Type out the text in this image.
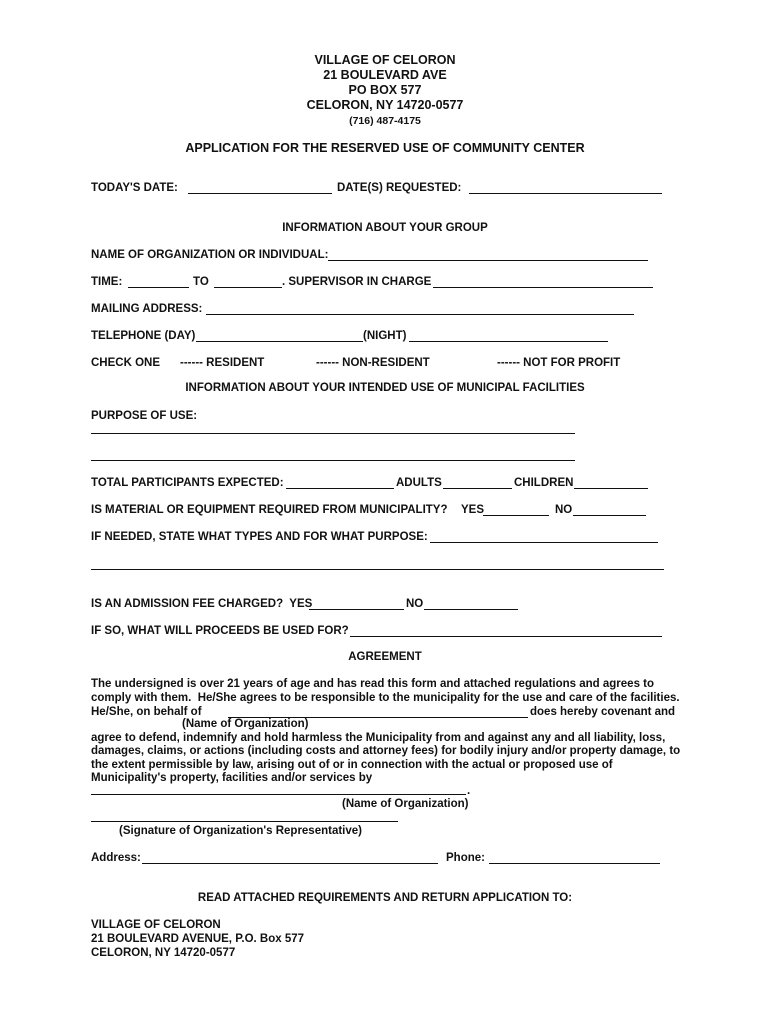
VILLAGE OF CELORON
21 BOULEVARD AVE
PO BOX 577
CELORON, NY 14720-0577
(716) 487-4175
APPLICATION FOR THE RESERVED USE OF COMMUNITY CENTER
TODAY'S DATE:	DATE(S) REQUESTED:
INFORMATION ABOUT YOUR GROUP
NAME OF ORGANIZATION OR INDIVIDUAL:
TIME:	TO	. SUPERVISOR IN CHARGE
MAILING ADDRESS:
TELEPHONE (DAY)	(NIGHT)
CHECK ONE ------ RESIDENT	------ NON-RESIDENT	------ NOT FOR PROFIT
INFORMATION ABOUT YOUR INTENDED USE OF MUNICIPAL FACILITIES
PURPOSE OF USE:
TOTAL PARTICIPANTS EXPECTED:	ADULTS	CHILDREN
IS MATERIAL OR EQUIPMENT REQUIRED FROM MUNICIPALITY? YES	NO
IF NEEDED, STATE WHAT TYPES AND FOR WHAT PURPOSE:
IS AN ADMISSION FEE CHARGED?  YES	NO
IF SO, WHAT WILL PROCEEDS BE USED FOR?
AGREEMENT
The undersigned is over 21 years of age and has read this form and attached regulations and agrees to
comply with them.  He/She agrees to be responsible to the municipality for the use and care of the facilities.
He/She, on behalf of	does hereby covenant and
(Name of Organization)
agree to defend, indemnify and hold harmless the Municipality from and against any and all liability, loss,
damages, claims, or actions (including costs and attorney fees) for bodily injury and/or property damage, to
the extent permissible by law, arising out of or in connection with the actual or proposed use of
Municipality's property, facilities and/or services by
.
(Name of Organization)
(Signature of Organization's Representative)
Address:	Phone:
READ ATTACHED REQUIREMENTS AND RETURN APPLICATION TO:
VILLAGE OF CELORON
21 BOULEVARD AVENUE, P.O. Box 577
CELORON, NY 14720-0577
